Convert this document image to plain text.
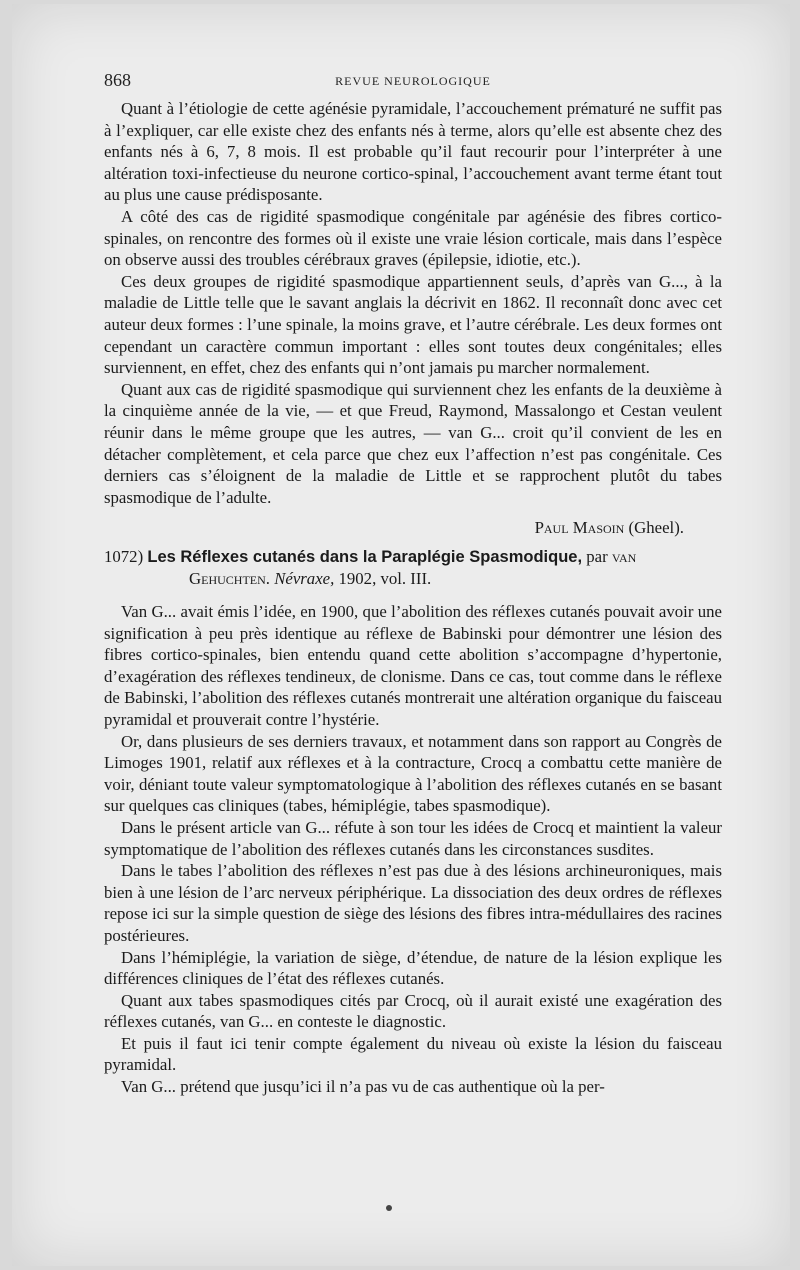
868	REVUE NEUROLOGIQUE

Quant à l’étiologie de cette agénésie pyramidale, l’accouchement prématuré ne suffit pas à l’expliquer, car elle existe chez des enfants nés à terme, alors qu’elle est absente chez des enfants nés à 6, 7, 8 mois. Il est probable qu’il faut recourir pour l’interpréter à une altération toxi-infectieuse du neurone cortico-spinal, l’accouchement avant terme étant tout au plus une cause prédisposante.

A côté des cas de rigidité spasmodique congénitale par agénésie des fibres cortico-spinales, on rencontre des formes où il existe une vraie lésion corticale, mais dans l’espèce on observe aussi des troubles cérébraux graves (épilepsie, idiotie, etc.).

Ces deux groupes de rigidité spasmodique appartiennent seuls, d’après van G..., à la maladie de Little telle que le savant anglais la décrivit en 1862. Il reconnaît donc avec cet auteur deux formes : l’une spinale, la moins grave, et l’autre cérébrale. Les deux formes ont cependant un caractère commun important : elles sont toutes deux congénitales; elles surviennent, en effet, chez des enfants qui n’ont jamais pu marcher normalement.

Quant aux cas de rigidité spasmodique qui surviennent chez les enfants de la deuxième à la cinquième année de la vie, — et que Freud, Raymond, Massalongo et Cestan veulent réunir dans le même groupe que les autres, — van G... croit qu’il convient de les en détacher complètement, et cela parce que chez eux l’affection n’est pas congénitale. Ces derniers cas s’éloignent de la maladie de Little et se rapprochent plutôt du tabes spasmodique de l’adulte.

Paul Masoin (Gheel).
1072) Les Réflexes cutanés dans la Paraplégie Spasmodique, par van
Gehuchten. Névraxe, 1902, vol. III.

Van G... avait émis l’idée, en 1900, que l’abolition des réflexes cutanés pouvait avoir une signification à peu près identique au réflexe de Babinski pour démontrer une lésion des fibres cortico-spinales, bien entendu quand cette abolition s’accompagne d’hypertonie, d’exagération des réflexes tendineux, de clonisme. Dans ce cas, tout comme dans le réflexe de Babinski, l’abolition des réflexes cutanés montrerait une altération organique du faisceau pyramidal et prouverait contre l’hystérie.

Or, dans plusieurs de ses derniers travaux, et notamment dans son rapport au Congrès de Limoges 1901, relatif aux réflexes et à la contracture, Crocq a combattu cette manière de voir, déniant toute valeur symptomatologique à l’abolition des réflexes cutanés en se basant sur quelques cas cliniques (tabes, hémiplégie, tabes spasmodique).

Dans le présent article van G... réfute à son tour les idées de Crocq et maintient la valeur symptomatique de l’abolition des réflexes cutanés dans les circonstances susdites.

Dans le tabes l’abolition des réflexes n’est pas due à des lésions archineuroniques, mais bien à une lésion de l’arc nerveux périphérique. La dissociation des deux ordres de réflexes repose ici sur la simple question de siège des lésions des fibres intra-médullaires des racines postérieures.

Dans l’hémiplégie, la variation de siège, d’étendue, de nature de la lésion explique les différences cliniques de l’état des réflexes cutanés.

Quant aux tabes spasmodiques cités par Crocq, où il aurait existé une exagération des réflexes cutanés, van G... en conteste le diagnostic.

Et puis il faut ici tenir compte également du niveau où existe la lésion du faisceau pyramidal.

Van G... prétend que jusqu’ici il n’a pas vu de cas authentique où la per-
